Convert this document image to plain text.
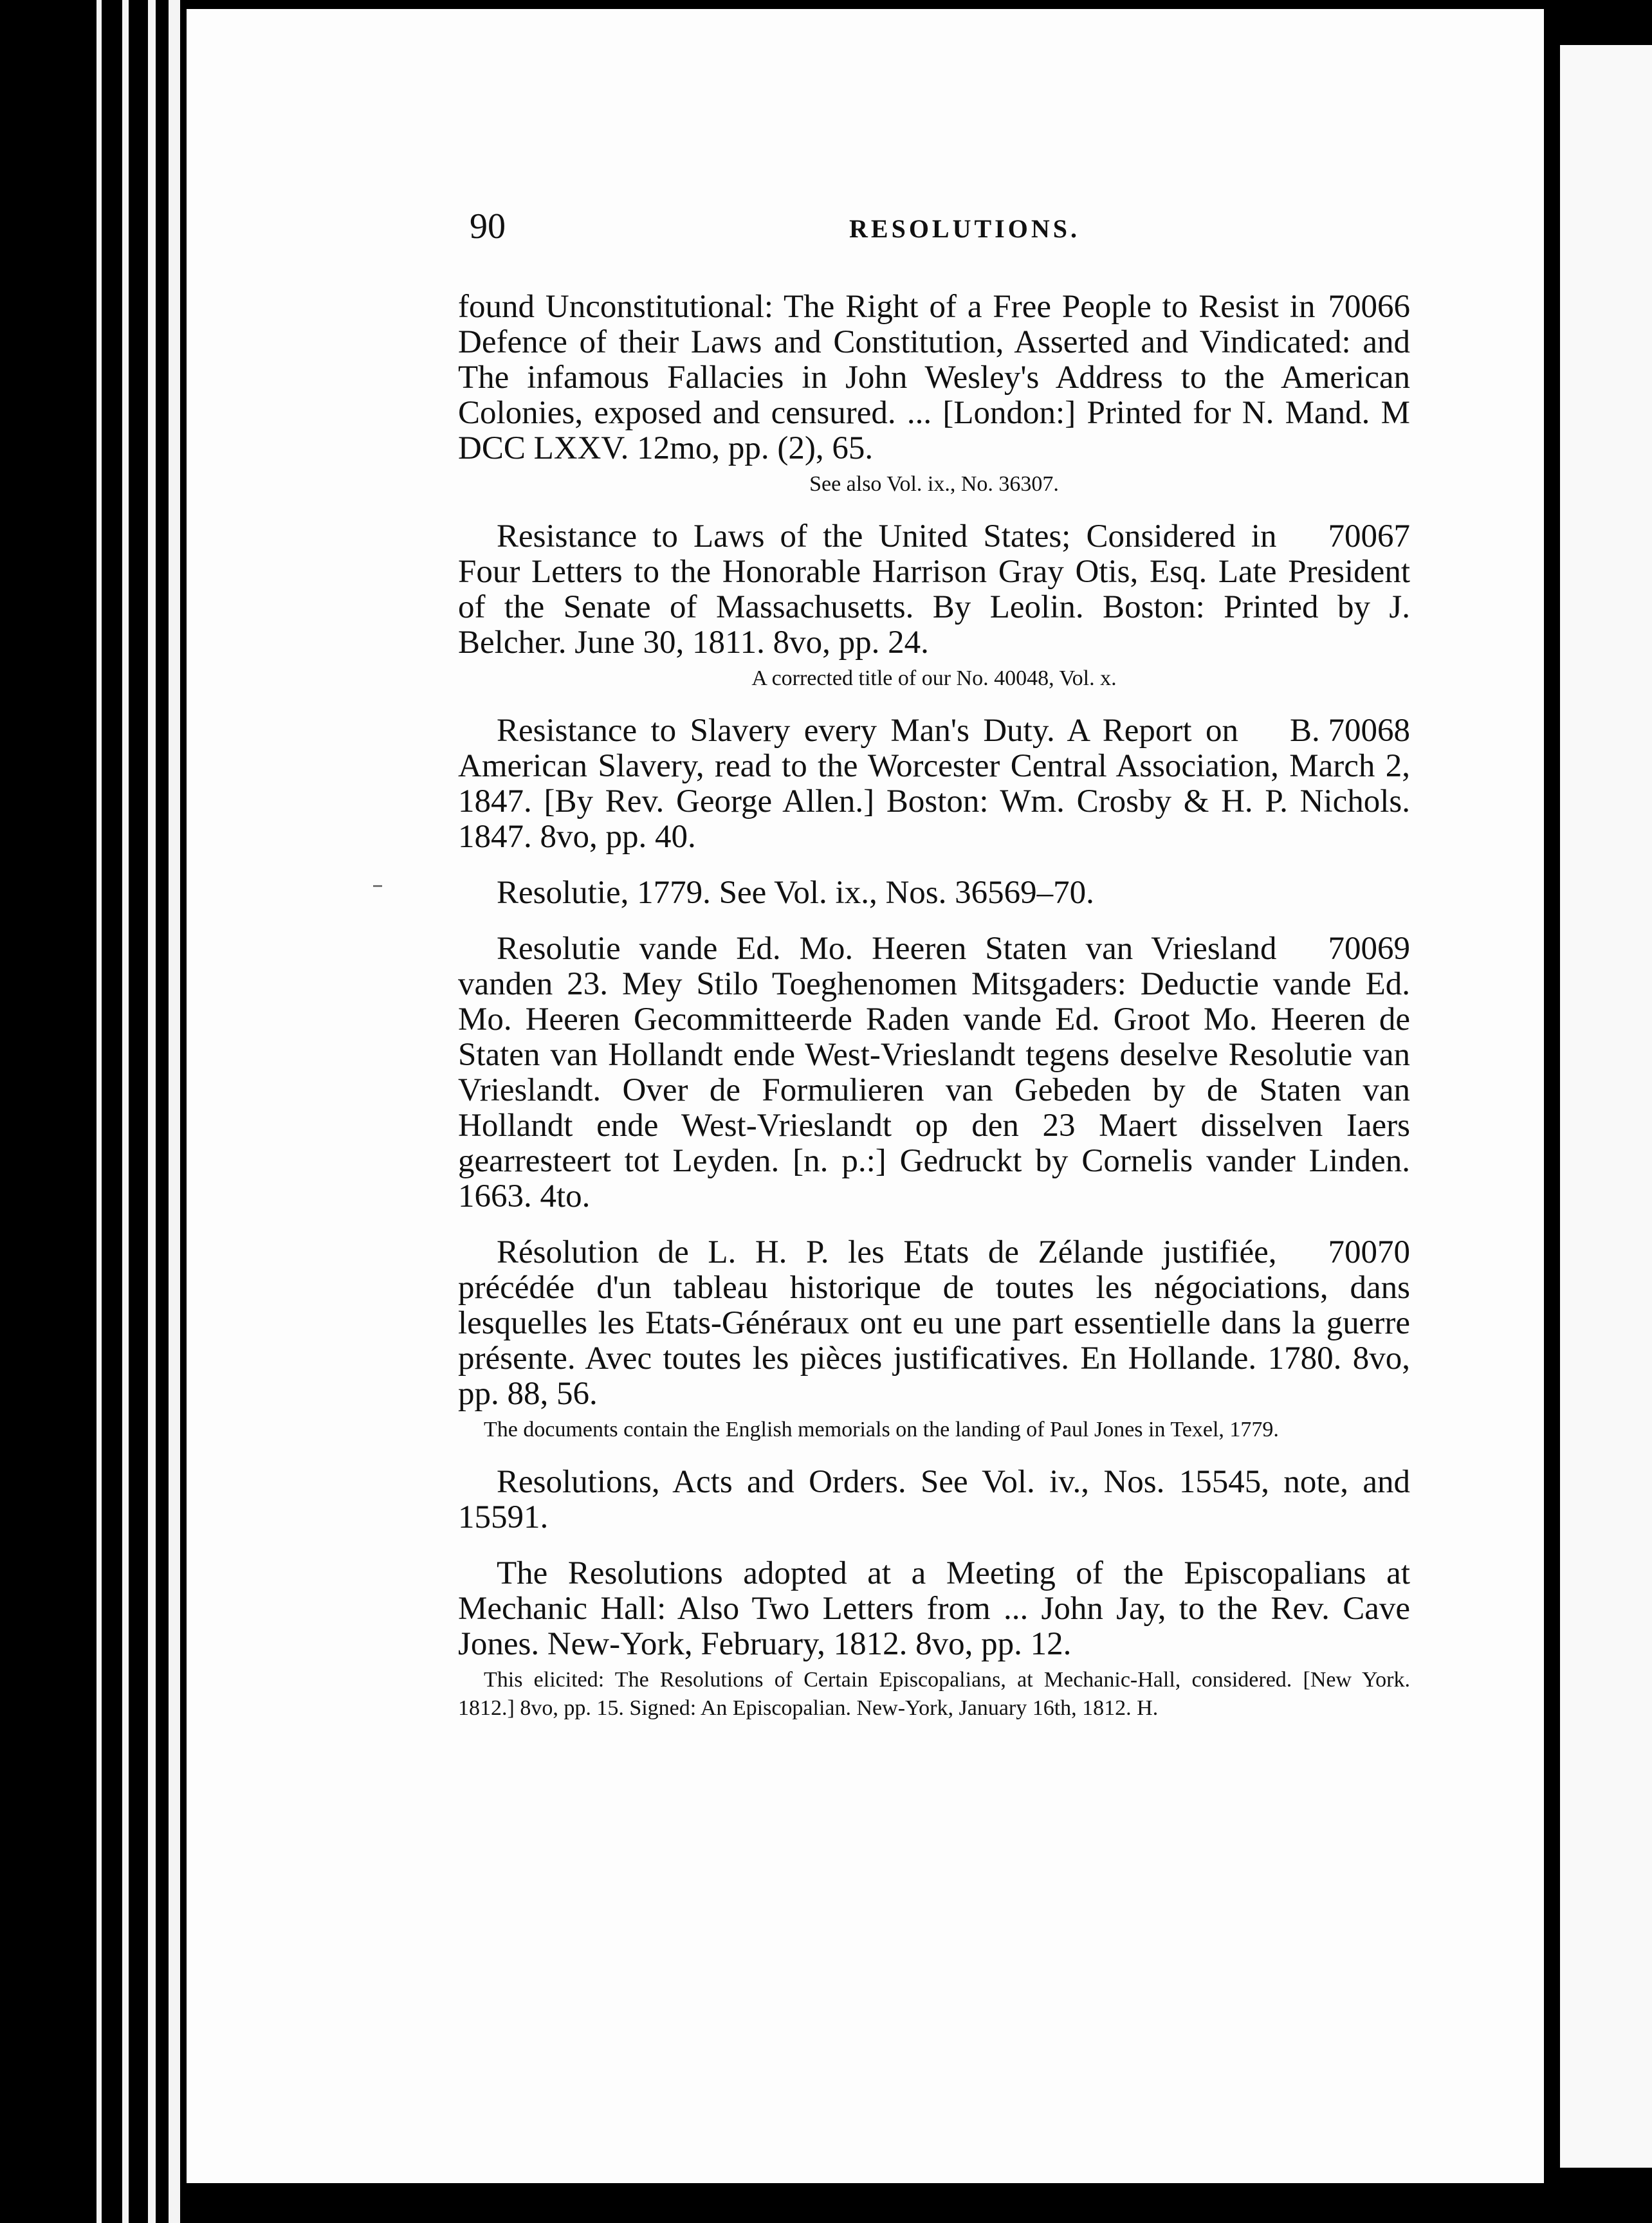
90	RESOLUTIONS.

70066
found Unconstitutional: The Right of a Free People to Resist in Defence of their Laws and Constitution, Asserted and Vindicated: and The infamous Fallacies in John Wesley's Address to the American Colonies, exposed and censured. ... [London:] Printed for N. Mand. M DCC LXXV. 12mo, pp. (2), 65.

See also Vol. ix., No. 36307.

70067
Resistance to Laws of the United States; Considered in Four Letters to the Honorable Harrison Gray Otis, Esq. Late President of the Senate of Massachusetts. By Leolin. Boston: Printed by J. Belcher. June 30, 1811. 8vo, pp. 24.

A corrected title of our No. 40048, Vol. x.

B. 70068
Resistance to Slavery every Man's Duty. A Report on American Slavery, read to the Worcester Central Association, March 2, 1847. [By Rev. George Allen.] Boston: Wm. Crosby & H. P. Nichols. 1847. 8vo, pp. 40.

Resolutie, 1779. See Vol. ix., Nos. 36569–70.

70069
Resolutie vande Ed. Mo. Heeren Staten van Vriesland vanden 23. Mey Stilo Toeghenomen Mitsgaders: Deductie vande Ed. Mo. Heeren Gecommitteerde Raden vande Ed. Groot Mo. Heeren de Staten van Hollandt ende West-Vrieslandt tegens deselve Resolutie van Vrieslandt. Over de Formulieren van Gebeden by de Staten van Hollandt ende West-Vrieslandt op den 23 Maert disselven Iaers gearresteert tot Leyden. [n. p.:] Gedruckt by Cornelis vander Linden. 1663. 4to.

70070
Résolution de L. H. P. les Etats de Zélande justifiée, précédée d'un tableau historique de toutes les négociations, dans lesquelles les Etats-Généraux ont eu une part essentielle dans la guerre présente. Avec toutes les pièces justificatives. En Hollande. 1780. 8vo, pp. 88, 56.

The documents contain the English memorials on the landing of Paul Jones in Texel, 1779.

Resolutions, Acts and Orders. See Vol. iv., Nos. 15545, note, and 15591.

The Resolutions adopted at a Meeting of the Episcopalians at Mechanic Hall: Also Two Letters from ... John Jay, to the Rev. Cave Jones. New-York, February, 1812. 8vo, pp. 12.

This elicited: The Resolutions of Certain Episcopalians, at Mechanic-Hall, considered. [New York. 1812.] 8vo, pp. 15. Signed: An Episcopalian. New-York, January 16th, 1812. H.
